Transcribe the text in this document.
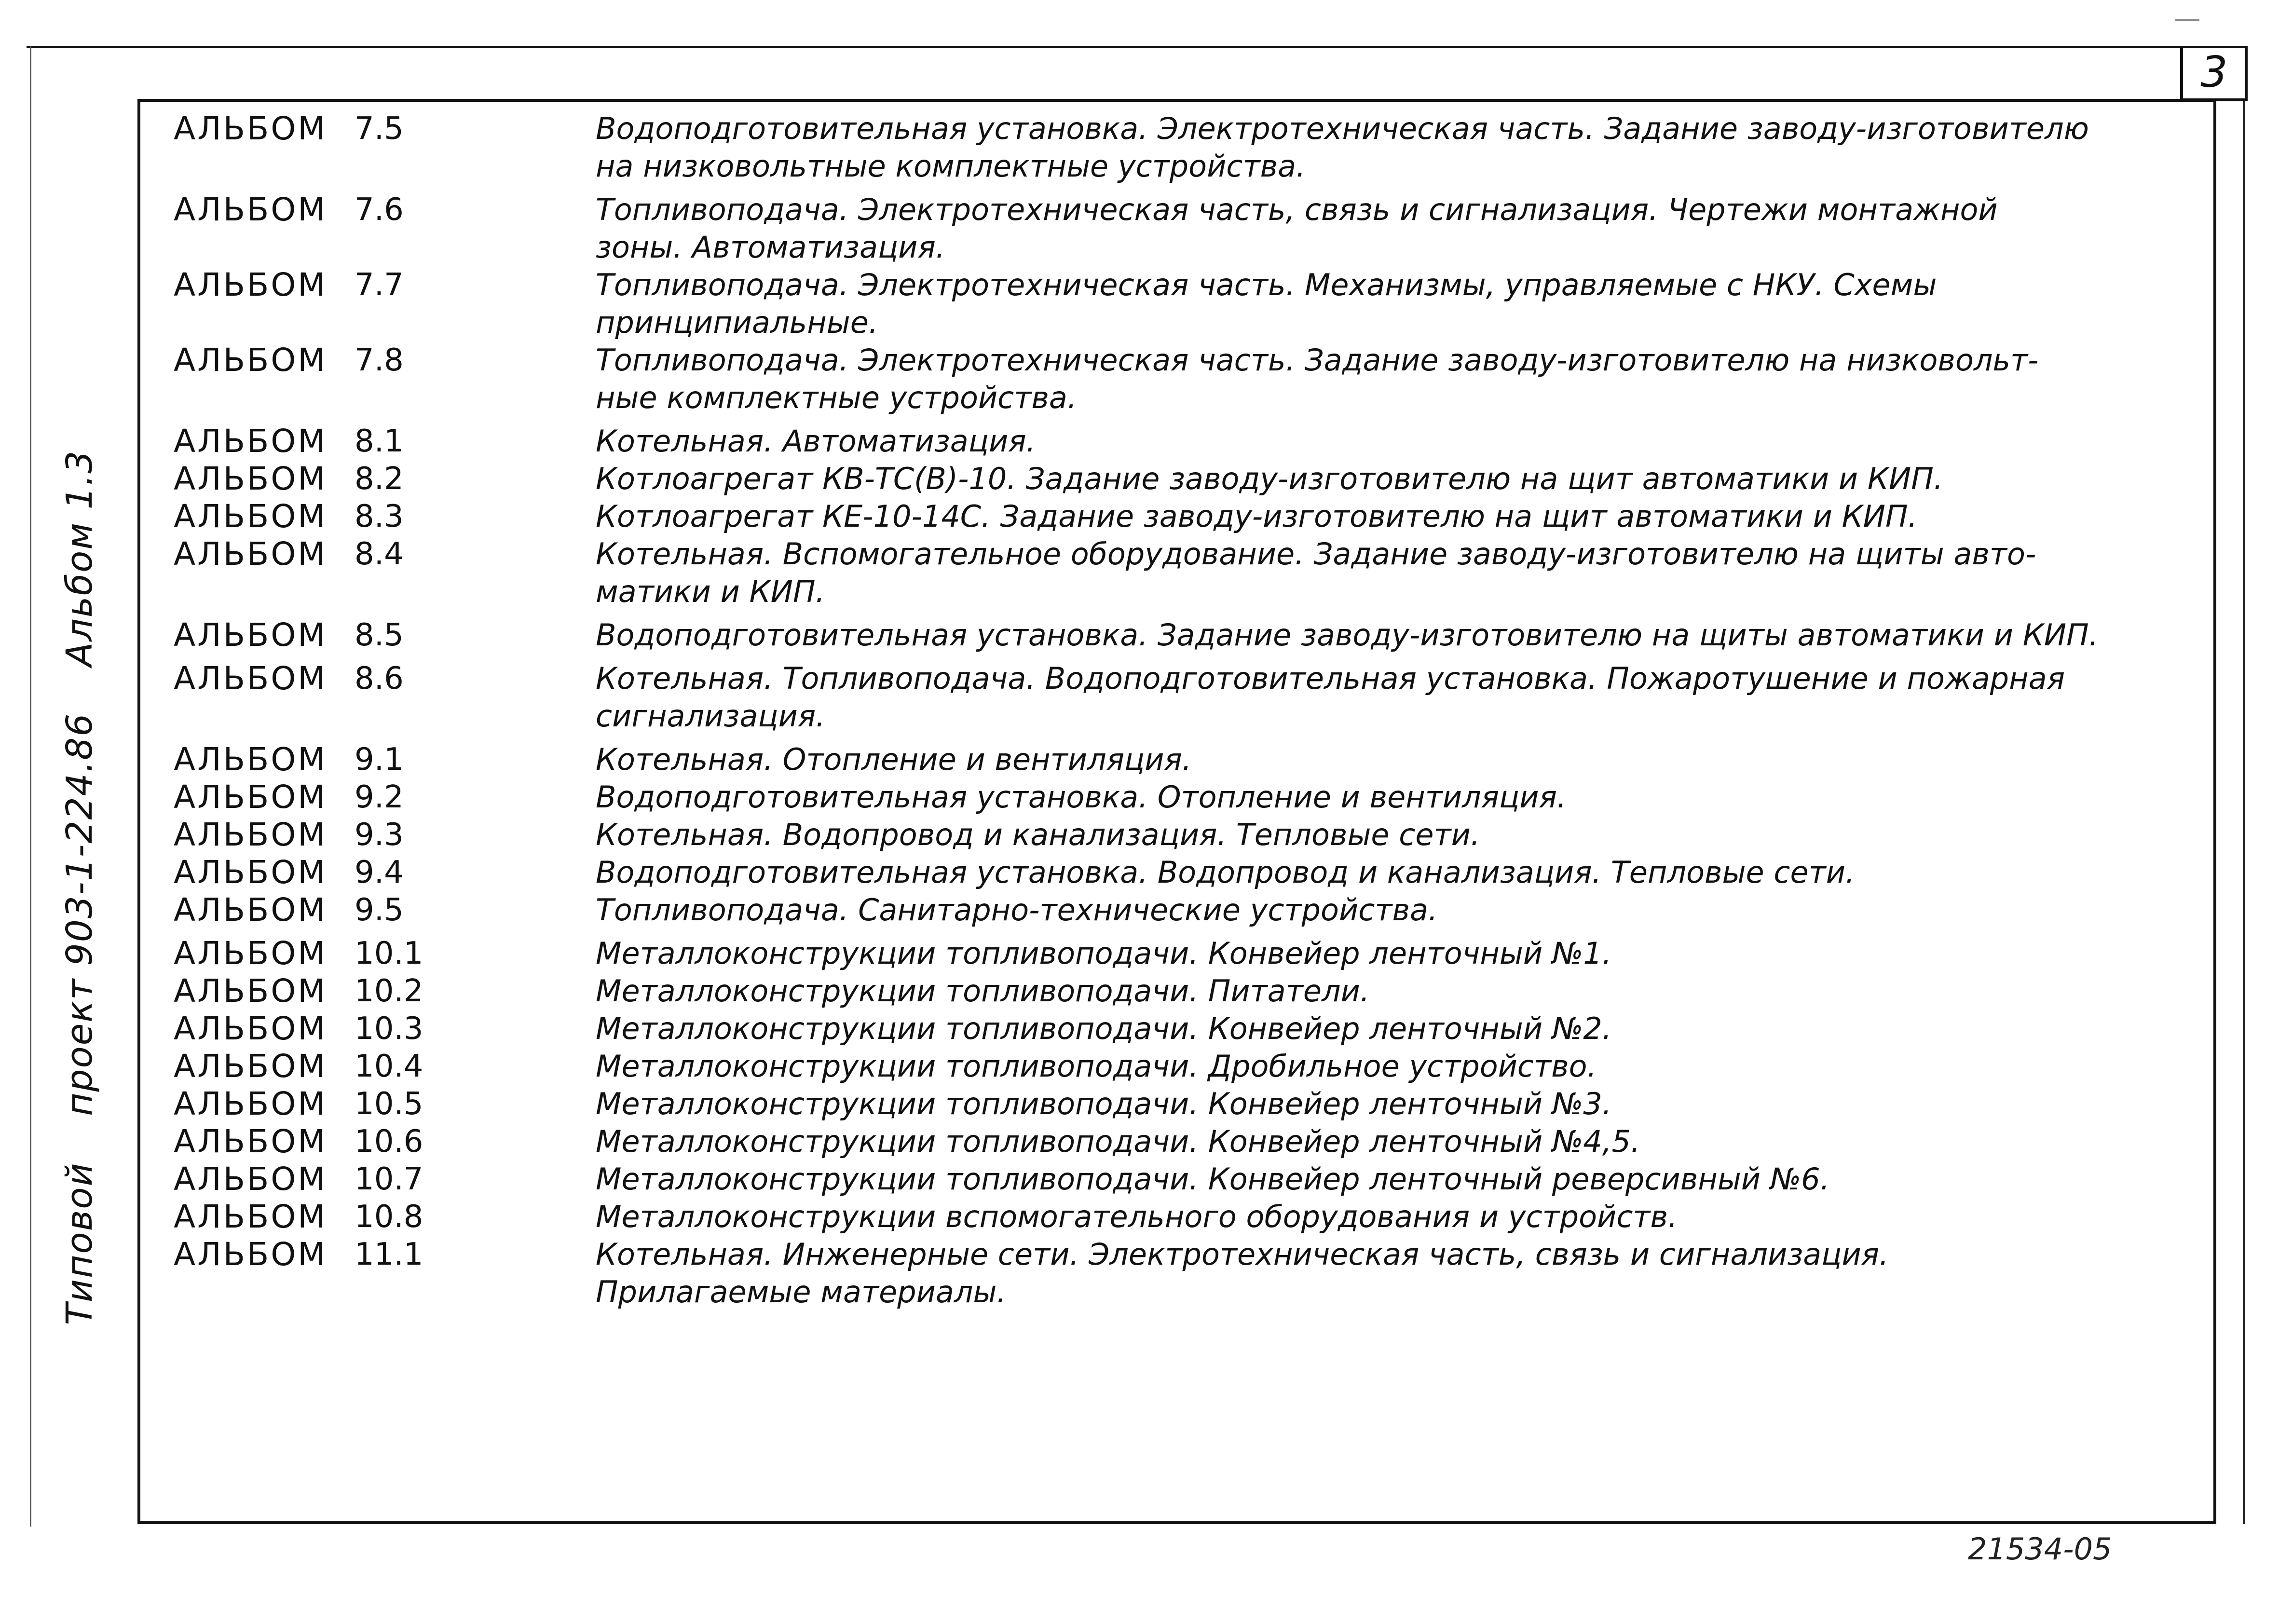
3
Типовой проект 903-1-224.86 Альбом 1.3
АЛЬБОМ 7.5	Водоподготовительная установка. Электротехническая часть. Задание заводу-изготовителю
на низковольтные комплектные устройства.
АЛЬБОМ 7.6	Топливоподача. Электротехническая часть, связь и сигнализация. Чертежи монтажной
зоны. Автоматизация.
АЛЬБОМ 7.7	Топливоподача. Электротехническая часть. Механизмы, управляемые с НКУ. Схемы принципиальные.
АЛЬБОМ 7.8	Топливоподача. Электротехническая часть. Задание заводу-изготовителю на низковольт-
ные комплектные устройства.
АЛЬБОМ 8.1	Котельная. Автоматизация.
АЛЬБОМ 8.2	Котлоагрегат КВ-ТС(В)-10. Задание заводу-изготовителю на щит автоматики и КИП.
АЛЬБОМ 8.3	Котлоагрегат КЕ-10-14С. Задание заводу-изготовителю на щит автоматики и КИП.
АЛЬБОМ 8.4	Котельная. Вспомогательное оборудование. Задание заводу-изготовителю на щиты авто-
матики и КИП.
АЛЬБОМ 8.5	Водоподготовительная установка. Задание заводу-изготовителю на щиты автоматики и КИП.
АЛЬБОМ 8.6	Котельная. Топливоподача. Водоподготовительная установка. Пожаротушение и пожарная
сигнализация.
АЛЬБОМ 9.1	Котельная. Отопление и вентиляция.
АЛЬБОМ 9.2	Водоподготовительная установка. Отопление и вентиляция.
АЛЬБОМ 9.3	Котельная. Водопровод и канализация. Тепловые сети.
АЛЬБОМ 9.4	Водоподготовительная установка. Водопровод и канализация. Тепловые сети.
АЛЬБОМ 9.5	Топливоподача. Санитарно-технические устройства.
АЛЬБОМ 10.1	Металлоконструкции топливоподачи. Конвейер ленточный №1.
АЛЬБОМ 10.2	Металлоконструкции топливоподачи. Питатели.
АЛЬБОМ 10.3	Металлоконструкции топливоподачи. Конвейер ленточный №2.
АЛЬБОМ 10.4	Металлоконструкции топливоподачи. Дробильное устройство.
АЛЬБОМ 10.5	Металлоконструкции топливоподачи. Конвейер ленточный №3.
АЛЬБОМ 10.6	Металлоконструкции топливоподачи. Конвейер ленточный №4,5.
АЛЬБОМ 10.7	Металлоконструкции топливоподачи. Конвейер ленточный реверсивный №6.
АЛЬБОМ 10.8	Металлоконструкции вспомогательного оборудования и устройств.
АЛЬБОМ 11.1	Котельная. Инженерные сети. Электротехническая часть, связь и сигнализация.
Прилагаемые материалы.
21534-05
